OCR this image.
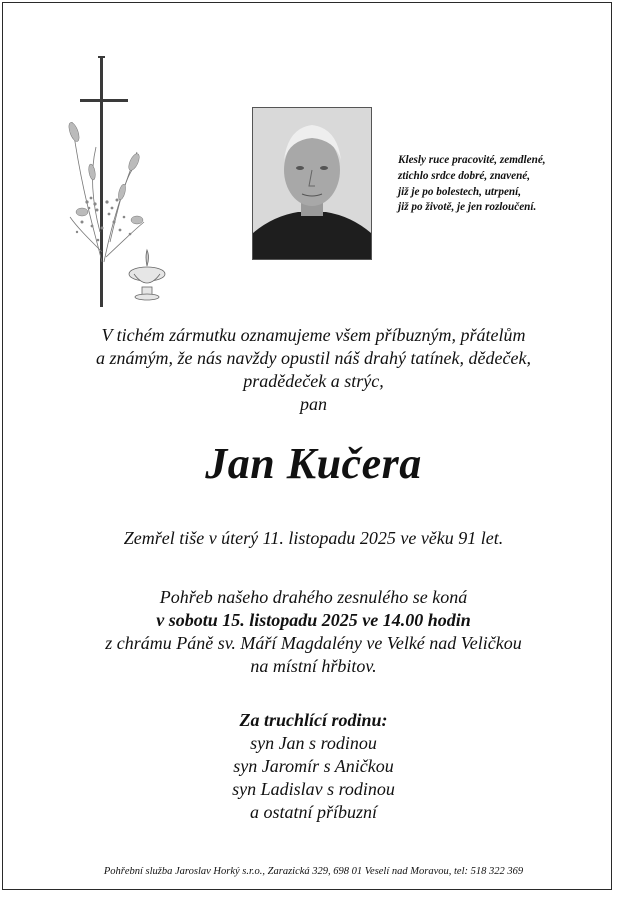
Klesly ruce pracovité, zemdlené,
ztichlo srdce dobré, znavené,
již je po bolestech, utrpení,
již po životě, je jen rozloučení.
V tichém zármutku oznamujeme všem příbuzným, přátelům
a známým, že nás navždy opustil náš drahý tatínek, dědeček,
pradědeček a strýc,
pan
Jan Kučera
Zemřel tiše v úterý 11. listopadu 2025 ve věku 91 let.
Pohřeb našeho drahého zesnulého se koná
v sobotu 15. listopadu 2025 ve 14.00 hodin
z chrámu Páně sv. Máří Magdalény ve Velké nad Veličkou
na místní hřbitov.
Za truchlící rodinu:
syn Jan s rodinou
syn Jaromír s Aničkou
syn Ladislav s rodinou
a ostatní příbuzní
Pohřební služba Jaroslav Horký s.r.o., Zarazická 329, 698 01 Veselí nad Moravou, tel: 518 322 369
